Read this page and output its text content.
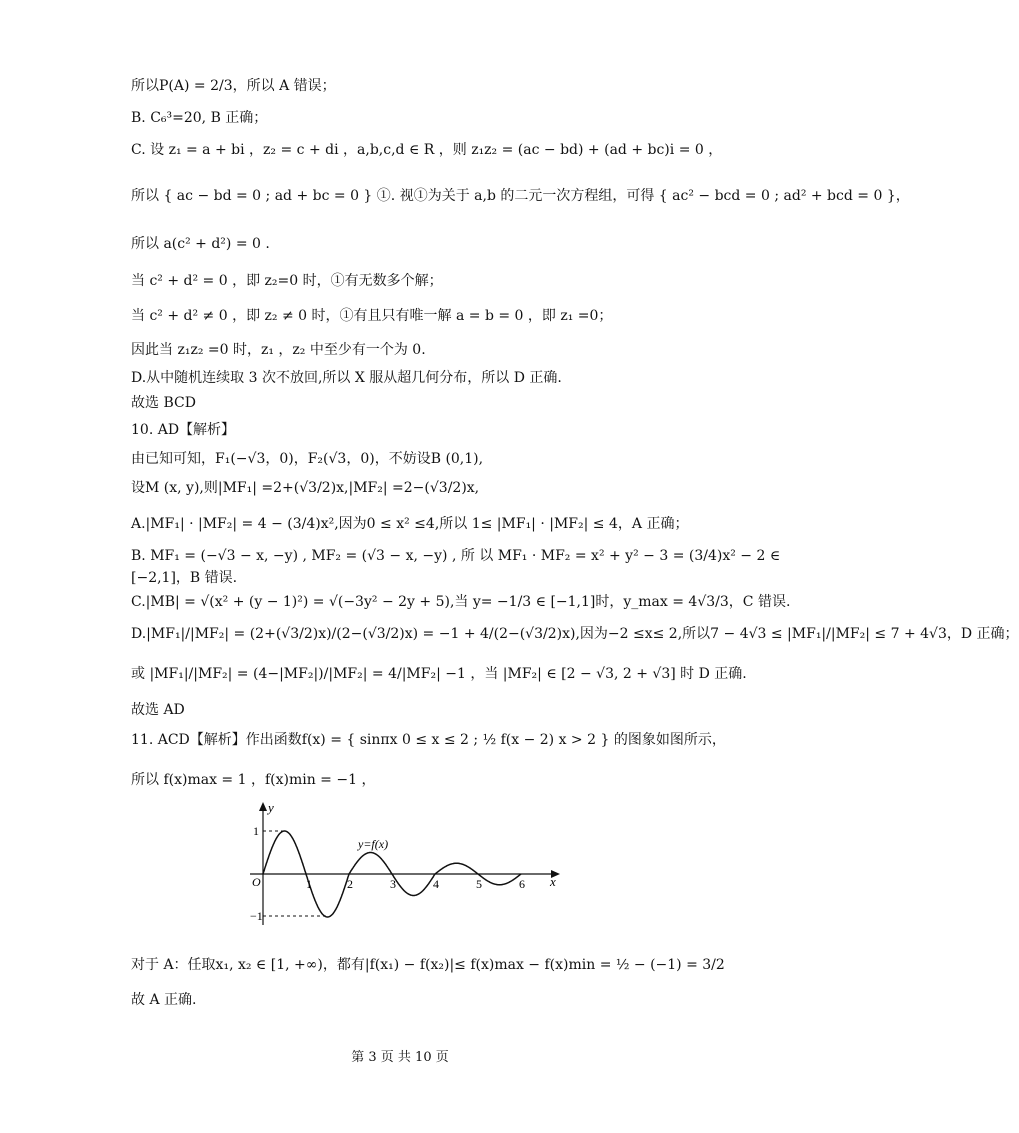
所以P(A) = 2/3，所以 A 错误；
B. C₆³=20, B 正确；
C. 设 z₁ = a + bi ，z₂ = c + di ，a,b,c,d ∈ R ，则 z₁z₂ = (ac − bd) + (ad + bc)i = 0 ，
所以 { ac − bd = 0 ; ad + bc = 0 } ①. 视①为关于 a,b 的二元一次方程组，可得 { ac² − bcd = 0 ; ad² + bcd = 0 }，
所以 a(c² + d²) = 0 .
当 c² + d² = 0 ，即 z₂=0 时，①有无数多个解；
当 c² + d² ≠ 0 ，即 z₂ ≠ 0 时，①有且只有唯一解 a = b = 0 ，即 z₁ =0；
因此当 z₁z₂ =0 时，z₁ ，z₂ 中至少有一个为 0.
D.从中随机连续取 3 次不放回,所以 X 服从超几何分布，所以 D 正确.
故选 BCD
10. AD【解析】
由已知可知，F₁(−√3，0)，F₂(√3，0)，不妨设B (0,1),
设M (x, y),则|MF₁| =2+(√3/2)x,|MF₂| =2−(√3/2)x,
A.|MF₁| · |MF₂| = 4 − (3/4)x²,因为0 ≤ x² ≤4,所以 1≤ |MF₁| · |MF₂| ≤ 4，A 正确；
B. MF₁ = (−√3 − x, −y) , MF₂ = (√3 − x, −y) , 所 以 MF₁ · MF₂ = x² + y² − 3 = (3/4)x² − 2 ∈
[−2,1]，B 错误.
C.|MB| = √(x² + (y − 1)²) = √(−3y² − 2y + 5),当 y= −1/3 ∈ [−1,1]时，y_max = 4√3/3，C 错误.
D.|MF₁|/|MF₂| = (2+(√3/2)x)/(2−(√3/2)x) = −1 + 4/(2−(√3/2)x),因为−2 ≤x≤ 2,所以7 − 4√3 ≤ |MF₁|/|MF₂| ≤ 7 + 4√3，D 正确；
或 |MF₁|/|MF₂| = (4−|MF₂|)/|MF₂| = 4/|MF₂| −1 ，当 |MF₂| ∈ [2 − √3, 2 + √3] 时 D 正确.
故选 AD
11. ACD【解析】作出函数f(x) = { sinπx 0 ≤ x ≤ 2 ; ½ f(x − 2) x > 2 } 的图象如图所示，
所以 f(x)max = 1 ，f(x)min = −1 ，
y
x
y=f(x)
O
1
−1
1	2	3	4	5	6
对于 A：任取x₁, x₂ ∈ [1, +∞)，都有|f(x₁) − f(x₂)|≤ f(x)max − f(x)min = ½ − (−1) = 3/2
故 A 正确.
第 3 页 共 10 页
